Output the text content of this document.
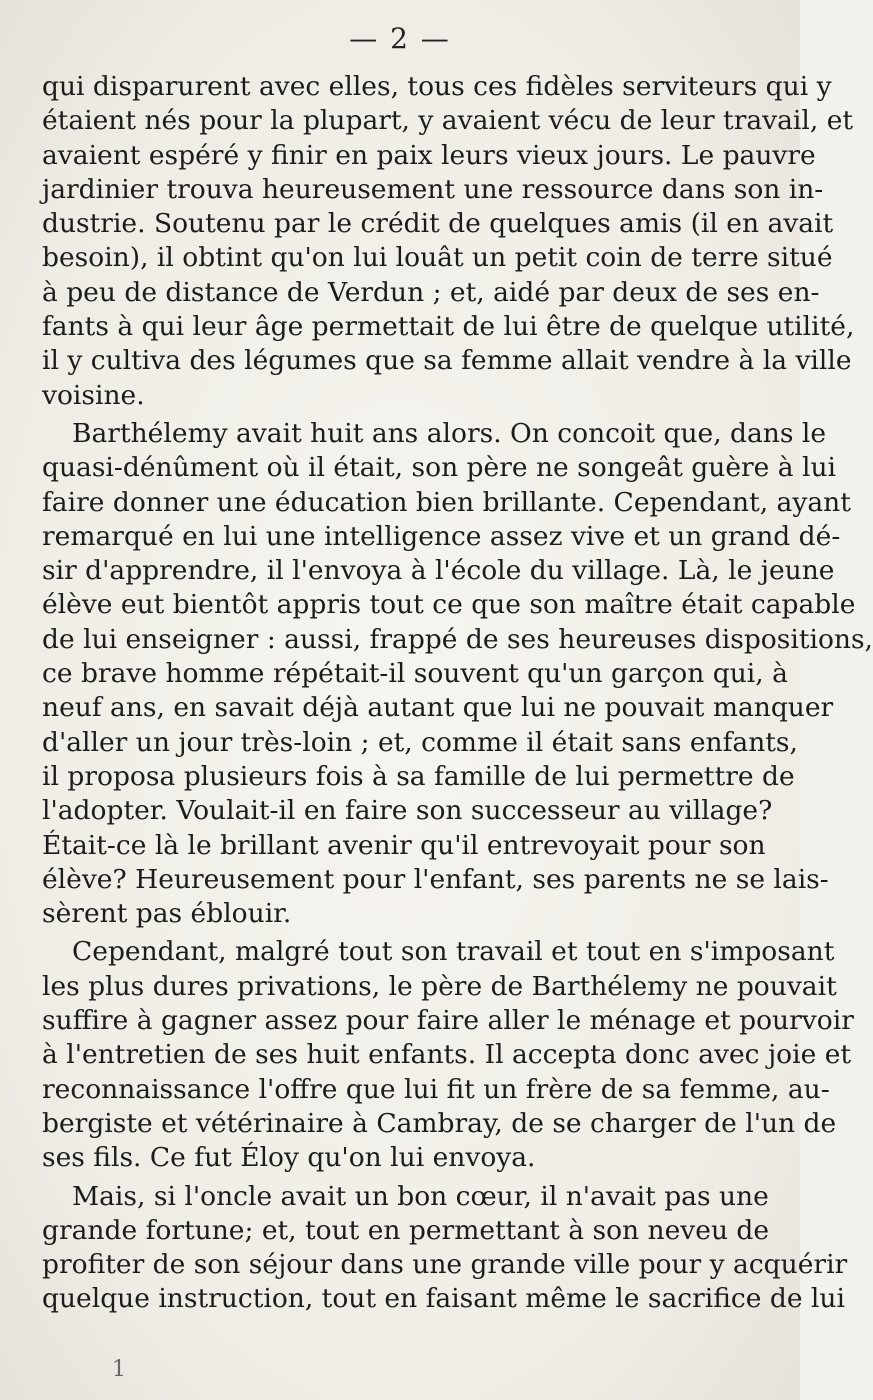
— 2 —
qui disparurent avec elles, tous ces fidèles serviteurs qui y
étaient nés pour la plupart, y avaient vécu de leur travail, et
avaient espéré y finir en paix leurs vieux jours. Le pauvre
jardinier trouva heureusement une ressource dans son in-
dustrie. Soutenu par le crédit de quelques amis (il en avait
besoin), il obtint qu'on lui louât un petit coin de terre situé
à peu de distance de Verdun ; et, aidé par deux de ses en-
fants à qui leur âge permettait de lui être de quelque utilité,
il y cultiva des légumes que sa femme allait vendre à la ville
voisine.
Barthélemy avait huit ans alors. On concoit que, dans le
quasi-dénûment où il était, son père ne songeât guère à lui
faire donner une éducation bien brillante. Cependant, ayant
remarqué en lui une intelligence assez vive et un grand dé-
sir d'apprendre, il l'envoya à l'école du village. Là, le jeune
élève eut bientôt appris tout ce que son maître était capable
de lui enseigner : aussi, frappé de ses heureuses dispositions,
ce brave homme répétait-il souvent qu'un garçon qui, à
neuf ans, en savait déjà autant que lui ne pouvait manquer
d'aller un jour très-loin ; et, comme il était sans enfants,
il proposa plusieurs fois à sa famille de lui permettre de
l'adopter. Voulait-il en faire son successeur au village?
Était-ce là le brillant avenir qu'il entrevoyait pour son
élève? Heureusement pour l'enfant, ses parents ne se lais-
sèrent pas éblouir.
Cependant, malgré tout son travail et tout en s'imposant
les plus dures privations, le père de Barthélemy ne pouvait
suffire à gagner assez pour faire aller le ménage et pourvoir
à l'entretien de ses huit enfants. Il accepta donc avec joie et
reconnaissance l'offre que lui fit un frère de sa femme, au-
bergiste et vétérinaire à Cambray, de se charger de l'un de
ses fils. Ce fut Éloy qu'on lui envoya.
Mais, si l'oncle avait un bon cœur, il n'avait pas une
grande fortune; et, tout en permettant à son neveu de
profiter de son séjour dans une grande ville pour y acquérir
quelque instruction, tout en faisant même le sacrifice de lui
1
